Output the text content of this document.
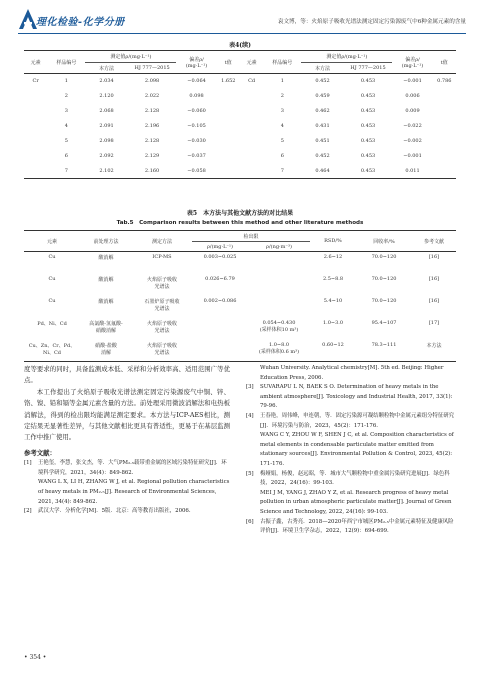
理化检验-化学分册	袁文博，等：火焰原子吸收光谱法测定固定污染源废气中6种金属元素的含量
表4(续)
元素	样品编号	测定值ρ/(mg·L⁻¹)		偏差ρ/
(mg·L⁻¹)	t值	元素	样品编号	测定值ρ/(mg·L⁻¹)		偏差ρ/
(mg·L⁻¹)	t值
		本方法	HJ 777—2015					本方法	HJ 777—2015		
Cr	1	2.034	2.098	−0.064	1.652	Cd	1	0.452	0.453	−0.001	0.786
	2	2.120	2.022	0.098			2	0.459	0.453	0.006	
	3	2.068	2.128	−0.060			3	0.462	0.453	0.009	
	4	2.091	2.196	−0.105			4	0.431	0.453	−0.022	
	5	2.098	2.128	−0.030			5	0.451	0.453	−0.002	
	6	2.092	2.129	−0.037			6	0.452	0.453	−0.001	
	7	2.102	2.160	−0.058			7	0.464	0.453	0.011	
表5　本方法与其他文献方法的对比结果
Tab.5　Comparison results between this method and other literature methods
元素	前处理方法	测定方法	检出限		RSD/%	回收率/%	参考文献
			ρ/(mg·L⁻¹)	ρ/(ng·m⁻³)			
Cu	酸消解	ICP-MS	0.003~0.025		2.6~12	70.0~120	[16]
Cu	酸消解	火焰原子吸收
光谱法	0.026~6.79		2.5~8.8	70.0~120	[16]
Cu	酸消解	石墨炉原子吸收
光谱法	0.002~0.086		5.4~10	70.0~120	[16]
Pd、Ni、Cd	高氯酸-氢氟酸-
硝酸消解	火焰原子吸收
光谱法		0.054~0.430
(采样体积10 m³)	1.0~3.0	95.4~107	[17]
Cu、Zn、Cr、Pd、
Ni、Cd	硝酸-盐酸
消解	火焰原子吸收
光谱法		1.0~8.0
(采样体积0.6 m³)	0.60~12	78.3~111	本方法

度等要求的同时，具备监测成本低、采样和分析效率高、适用范围广等优点。

本工作提出了火焰原子吸收光谱法测定固定污染源废气中铜、锌、铬、镍、铅和镉等金属元素含量的方法。前处理采用微波消解法和电热板消解法，得到的检出限均能满足测定要求。本方法与ICP-AES相比，测定结果无显著性差异，与其他文献相比更具有普适性，更易于在基层监测工作中推广使用。

参考文献：

[1]	王艳玺，李慧，张文杰，等．大气PM₂.₅载带重金属的区域污染特征研究[J]．环境科学研究，2021，34(4)：849-862.
WANG L X, LI H, ZHANG W J, et al. Regional pollution characteristics of heavy metals in PM₂.₅[J]. Research of Environmental Sciences, 2021, 34(4): 849-862.
[2]	武汉大学．分析化学[M]．5版．北京：高等教育出版社，2006.
Wuhan University. Analytical chemistry[M]. 5th ed. Beijing: Higher Education Press, 2006.
[3]	SUVARAPU L N, BAEK S O. Determination of heavy metals in the ambient atmosphere[J]. Toxicology and Industrial Health, 2017, 33(1): 79-96.
[4]	王春艳，周伟峰，申连朝，等．固定污染源可凝结颗粒物中金属元素组分特征研究[J]．环境污染与防治，2023，45(2)：171-176.
WANG C Y, ZHOU W F, SHEN J C, et al. Composition characteristics of metal elements in condensable particulate matter emitted from stationary sources[J]. Environmental Pollution & Control, 2023, 45(2): 171-176.
[5]	梅娅娟，杨俊，赵远昭，等．城市大气颗粒物中重金属污染研究进展[J]．绿色科技，2022，24(16)：99-103.
MEI J M, YANG J, ZHAO Y Z, et al. Research progress of heavy metal pollution in urban atmospheric particulate matter[J]. Journal of Green Science and Technology, 2022, 24(16): 99-103.
[6]	古振子鑫，古秀亮．2018—2020年西宁市城区PM₂.₅中金属元素特征及健康风险评价[J]．环境卫生学杂志，2022，12(9)：694-699.
• 354 •
